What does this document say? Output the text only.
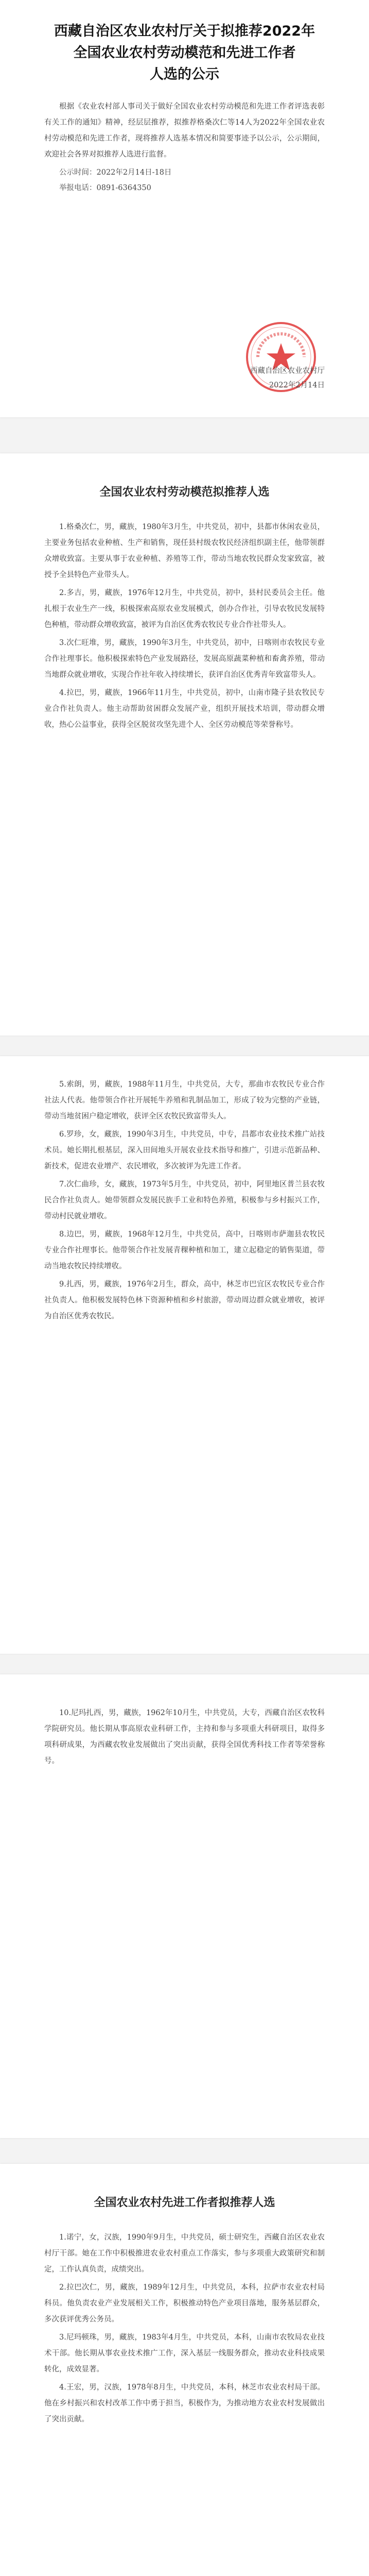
西藏自治区农业农村厅关于拟推荐2022年
全国农业农村劳动模范和先进工作者
人选的公示

根据《农业农村部人事司关于做好全国农业农村劳动模范和先进工作者评选表彰有关工作的通知》精神，经层层推荐，拟推荐格桑次仁等14人为2022年全国农业农村劳动模范和先进工作者，现将推荐人选基本情况和简要事迹予以公示，公示期间，欢迎社会各界对拟推荐人选进行监督。

公示时间：2022年2月14日-18日

举报电话：0891-6364350

西藏自治区农业农村厅
2022年2月14日
全国农业农村劳动模范拟推荐人选

1.格桑次仁，男，藏族，1980年3月生，中共党员，初中，县都市休闲农业员，主要业务包括农业种植、生产和销售，现任县村级农牧民经济组织副主任，他带领群众增收致富。主要从事于农业种植、养殖等工作，带动当地农牧民群众发家致富，被授予全县特色产业带头人。

2.多吉，男，藏族，1976年12月生，中共党员，初中，县村民委员会主任。他扎根于农业生产一线，积极探索高原农业发展模式，创办合作社，引导农牧民发展特色种植，带动群众增收致富，被评为自治区优秀农牧民专业合作社带头人。

3.次仁旺堆，男，藏族，1990年3月生，中共党员，初中，日喀则市农牧民专业合作社理事长。他积极探索特色产业发展路径，发展高原蔬菜种植和畜禽养殖，带动当地群众就业增收，实现合作社年收入持续增长，获评自治区优秀青年致富带头人。

4.拉巴，男，藏族，1966年11月生，中共党员，初中，山南市隆子县农牧民专业合作社负责人。他主动帮助贫困群众发展产业，组织开展技术培训，带动群众增收，热心公益事业，获得全区脱贫攻坚先进个人、全区劳动模范等荣誉称号。

5.索朗，男，藏族，1988年11月生，中共党员，大专，那曲市农牧民专业合作社法人代表。他带领合作社开展牦牛养殖和乳制品加工，形成了较为完整的产业链，带动当地贫困户稳定增收，获评全区农牧民致富带头人。

6.罗珍，女，藏族，1990年3月生，中共党员，中专，昌都市农业技术推广站技术员。她长期扎根基层，深入田间地头开展农业技术指导和推广，引进示范新品种、新技术，促进农业增产、农民增收，多次被评为先进工作者。

7.次仁曲珍，女，藏族，1973年5月生，中共党员，初中，阿里地区普兰县农牧民合作社负责人。她带领群众发展民族手工业和特色养殖，积极参与乡村振兴工作，带动村民就业增收。

8.边巴，男，藏族，1968年12月生，中共党员，高中，日喀则市萨迦县农牧民专业合作社理事长。他带领合作社发展青稞种植和加工，建立起稳定的销售渠道，带动当地农牧民持续增收。

9.扎西，男，藏族，1976年2月生，群众，高中，林芝市巴宜区农牧民专业合作社负责人。他积极发展特色林下资源种植和乡村旅游，带动周边群众就业增收，被评为自治区优秀农牧民。

10.尼玛扎西，男，藏族，1962年10月生，中共党员，大专，西藏自治区农牧科学院研究员。他长期从事高原农业科研工作，主持和参与多项重大科研项目，取得多项科研成果，为西藏农牧业发展做出了突出贡献，获得全国优秀科技工作者等荣誉称号。

全国农业农村先进工作者拟推荐人选

1.诺宁，女，汉族，1990年9月生，中共党员，硕士研究生，西藏自治区农业农村厅干部。她在工作中积极推进农业农村重点工作落实，参与多项重大政策研究和制定，工作认真负责，成绩突出。

2.拉巴次仁，男，藏族，1989年12月生，中共党员，本科，拉萨市农业农村局科员。他负责农业产业发展相关工作，积极推动特色产业项目落地，服务基层群众，多次获评优秀公务员。

3.尼玛顿珠，男，藏族，1983年4月生，中共党员，本科，山南市农牧局农业技术干部。他长期从事农业技术推广工作，深入基层一线服务群众，推动农业科技成果转化，成效显著。

4.王宏，男，汉族，1978年8月生，中共党员，本科，林芝市农业农村局干部。他在乡村振兴和农村改革工作中勇于担当，积极作为，为推动地方农业农村发展做出了突出贡献。
